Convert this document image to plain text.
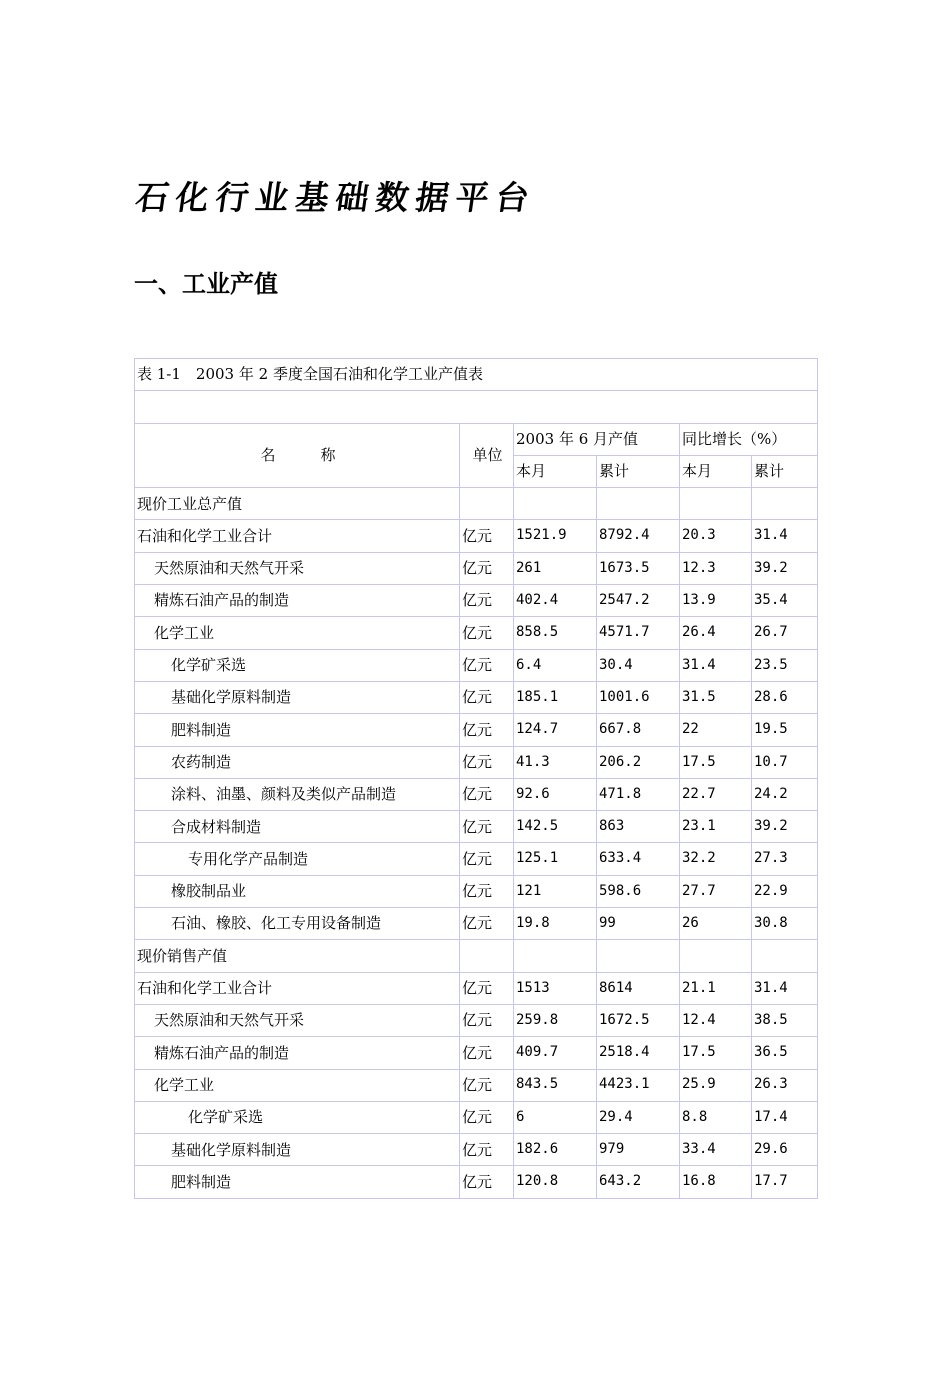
石化行业基础数据平台
一、工业产值
表 1-1　2003 年 2 季度全国石油和化学工业产值表					

名　　　称	单位	2003 年 6 月产值		同比增长（%）	
		本月	累计	本月	累计
现价工业总产值					
石油和化学工业合计	亿元	1521.9	8792.4	20.3	31.4
天然原油和天然气开采	亿元	261	1673.5	12.3	39.2
精炼石油产品的制造	亿元	402.4	2547.2	13.9	35.4
化学工业	亿元	858.5	4571.7	26.4	26.7
化学矿采选	亿元	6.4	30.4	31.4	23.5
基础化学原料制造	亿元	185.1	1001.6	31.5	28.6
肥料制造	亿元	124.7	667.8	22	19.5
农药制造	亿元	41.3	206.2	17.5	10.7
涂料、油墨、颜料及类似产品制造	亿元	92.6	471.8	22.7	24.2
合成材料制造	亿元	142.5	863	23.1	39.2
专用化学产品制造	亿元	125.1	633.4	32.2	27.3
橡胶制品业	亿元	121	598.6	27.7	22.9
石油、橡胶、化工专用设备制造	亿元	19.8	99	26	30.8
现价销售产值					
石油和化学工业合计	亿元	1513	8614	21.1	31.4
天然原油和天然气开采	亿元	259.8	1672.5	12.4	38.5
精炼石油产品的制造	亿元	409.7	2518.4	17.5	36.5
化学工业	亿元	843.5	4423.1	25.9	26.3
化学矿采选	亿元	6	29.4	8.8	17.4
基础化学原料制造	亿元	182.6	979	33.4	29.6
肥料制造	亿元	120.8	643.2	16.8	17.7
